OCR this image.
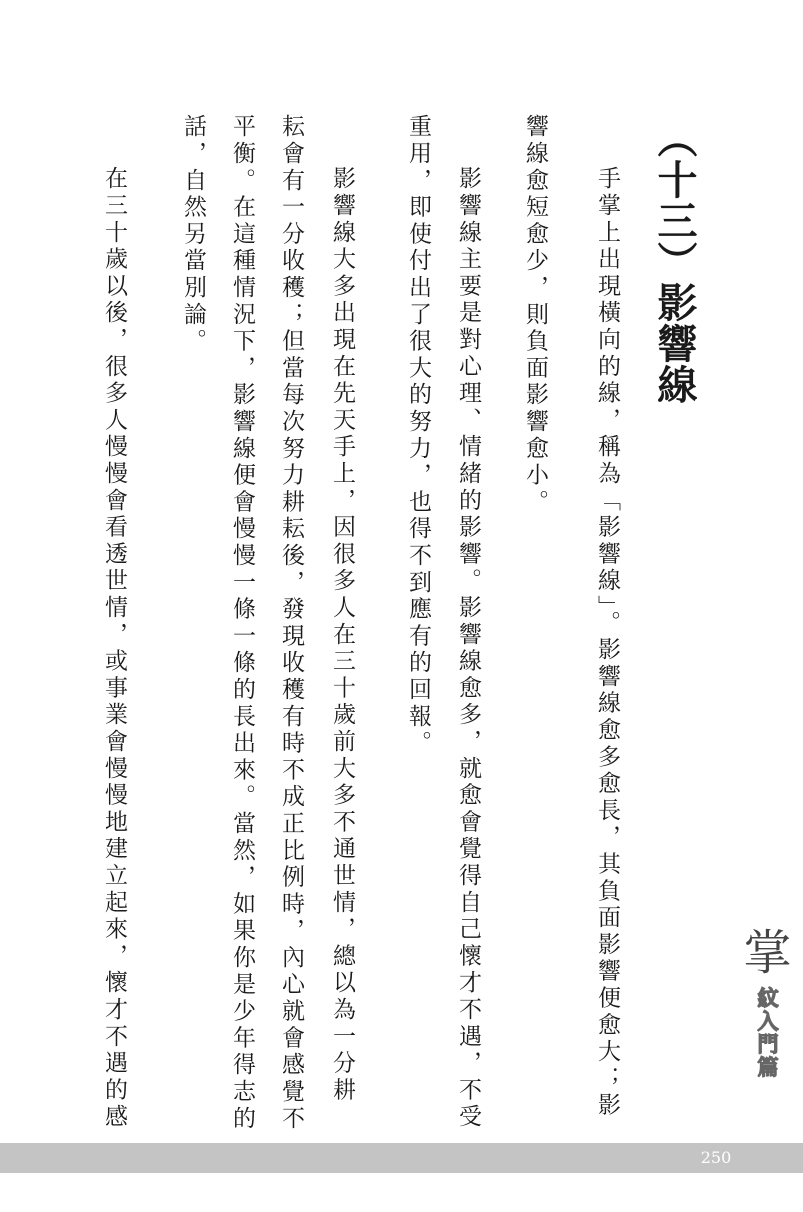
（十三）影響線
手掌上出現橫向的線，稱為「影響線」。影響線愈多愈長，其負面影響便愈大；影
響線愈短愈少，則負面影響愈小。
影響線主要是對心理、情緒的影響。影響線愈多，就愈會覺得自己懷才不遇，不受
重用，即使付出了很大的努力，也得不到應有的回報。
影響線大多出現在先天手上，因很多人在三十歲前大多不通世情，總以為一分耕
耘會有一分收穫；但當每次努力耕耘後，發現收穫有時不成正比例時，內心就會感覺不
平衡。在這種情況下，影響線便會慢慢一條一條的長出來。當然，如果你是少年得志的
話，自然另當別論。
在三十歲以後，很多人慢慢會看透世情，或事業會慢慢地建立起來，懷才不遇的感	掌
紋入門篇
250
